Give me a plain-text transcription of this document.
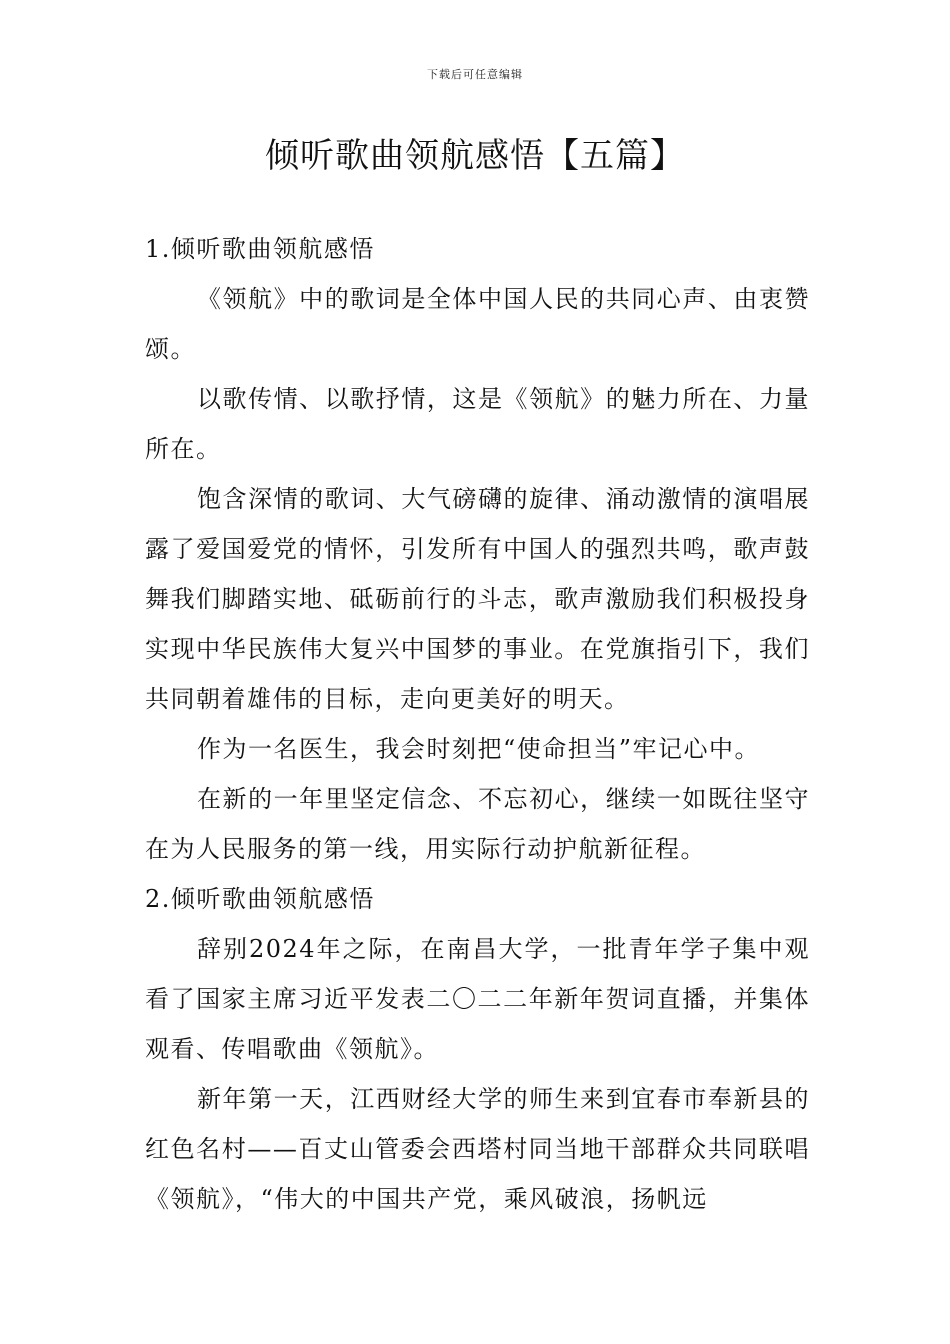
下载后可任意编辑
倾听歌曲领航感悟【五篇】

1.倾听歌曲领航感悟

《领航》中的歌词是全体中国人民的共同心声、由衷赞颂。

以歌传情、以歌抒情，这是《领航》的魅力所在、力量所在。

饱含深情的歌词、大气磅礴的旋律、涌动激情的演唱展露了爱国爱党的情怀，引发所有中国人的强烈共鸣，歌声鼓舞我们脚踏实地、砥砺前行的斗志，歌声激励我们积极投身实现中华民族伟大复兴中国梦的事业。在党旗指引下，我们共同朝着雄伟的目标，走向更美好的明天。

作为一名医生，我会时刻把“使命担当”牢记心中。

在新的一年里坚定信念、不忘初心，继续一如既往坚守在为人民服务的第一线，用实际行动护航新征程。

2.倾听歌曲领航感悟

辞别2024年之际，在南昌大学，一批青年学子集中观看了国家主席习近平发表二〇二二年新年贺词直播，并集体观看、传唱歌曲《领航》。

新年第一天，江西财经大学的师生来到宜春市奉新县的红色名村——百丈山管委会西塔村同当地干部群众共同联唱《领航》，“伟大的中国共产党，乘风破浪，扬帆远
